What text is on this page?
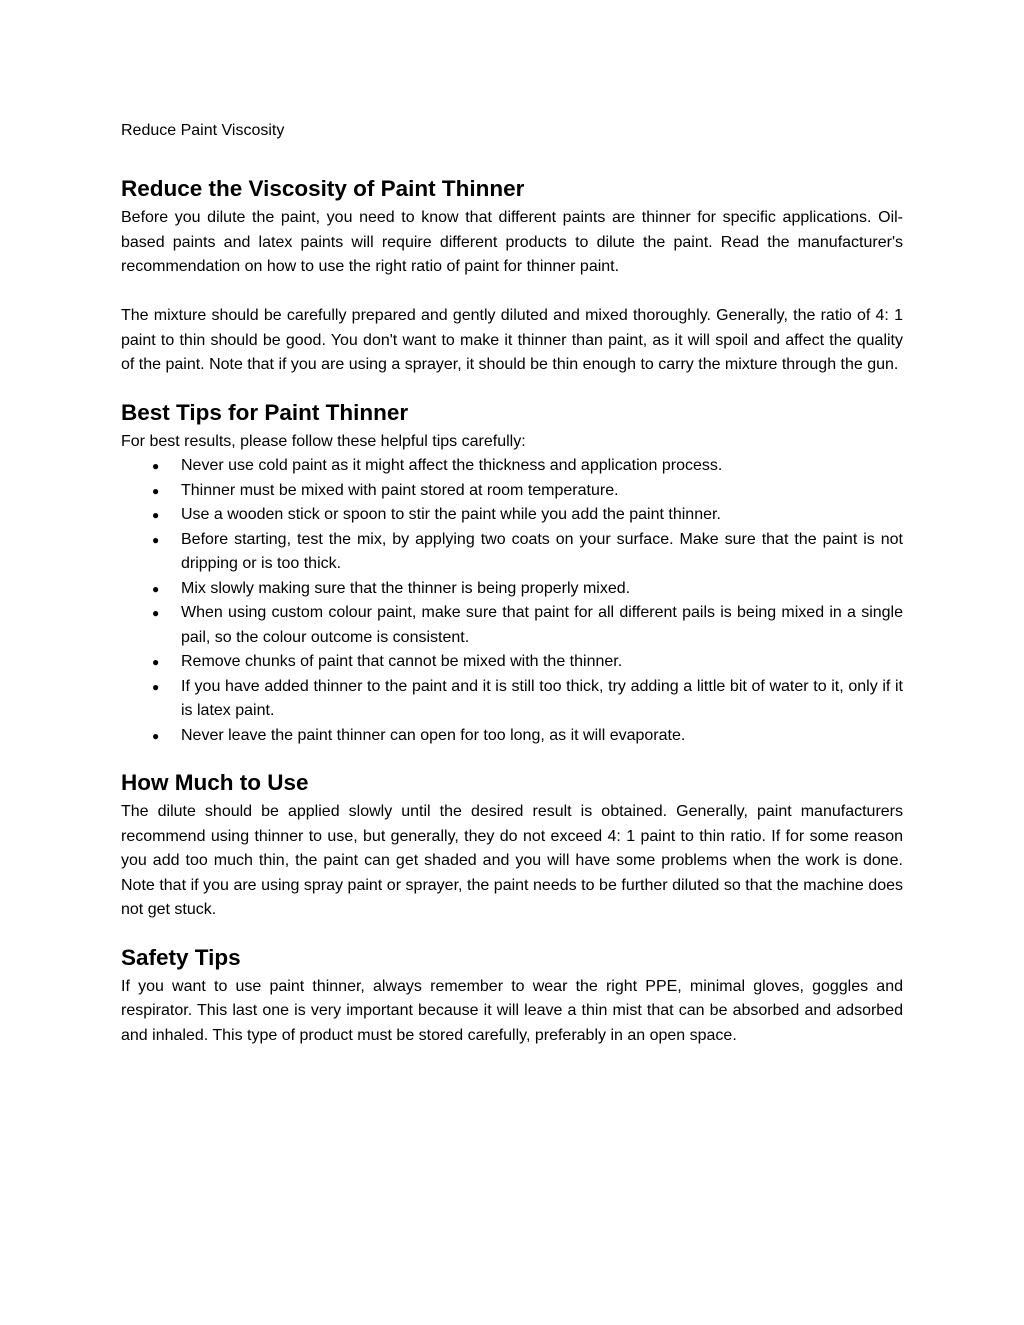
Reduce Paint Viscosity
Reduce the Viscosity of Paint Thinner

Before you dilute the paint, you need to know that different paints are thinner for specific applications. Oil-based paints and latex paints will require different products to dilute the paint. Read the manufacturer's recommendation on how to use the right ratio of paint for thinner paint.

The mixture should be carefully prepared and gently diluted and mixed thoroughly. Generally, the ratio of 4: 1 paint to thin should be good. You don't want to make it thinner than paint, as it will spoil and affect the quality of the paint. Note that if you are using a sprayer, it should be thin enough to carry the mixture through the gun.

Best Tips for Paint Thinner

For best results, please follow these helpful tips carefully:

● Never use cold paint as it might affect the thickness and application process.
● Thinner must be mixed with paint stored at room temperature.
● Use a wooden stick or spoon to stir the paint while you add the paint thinner.
● Before starting, test the mix, by applying two coats on your surface. Make sure that the paint is not dripping or is too thick.
● Mix slowly making sure that the thinner is being properly mixed.
● When using custom colour paint, make sure that paint for all different pails is being mixed in a single pail, so the colour outcome is consistent.
● Remove chunks of paint that cannot be mixed with the thinner.
● If you have added thinner to the paint and it is still too thick, try adding a little bit of water to it, only if it is latex paint.
● Never leave the paint thinner can open for too long, as it will evaporate.
How Much to Use

The dilute should be applied slowly until the desired result is obtained. Generally, paint manufacturers recommend using thinner to use, but generally, they do not exceed 4: 1 paint to thin ratio. If for some reason you add too much thin, the paint can get shaded and you will have some problems when the work is done. Note that if you are using spray paint or sprayer, the paint needs to be further diluted so that the machine does not get stuck.

Safety Tips

If you want to use paint thinner, always remember to wear the right PPE, minimal gloves, goggles and respirator. This last one is very important because it will leave a thin mist that can be absorbed and adsorbed and inhaled. This type of product must be stored carefully, preferably in an open space.
